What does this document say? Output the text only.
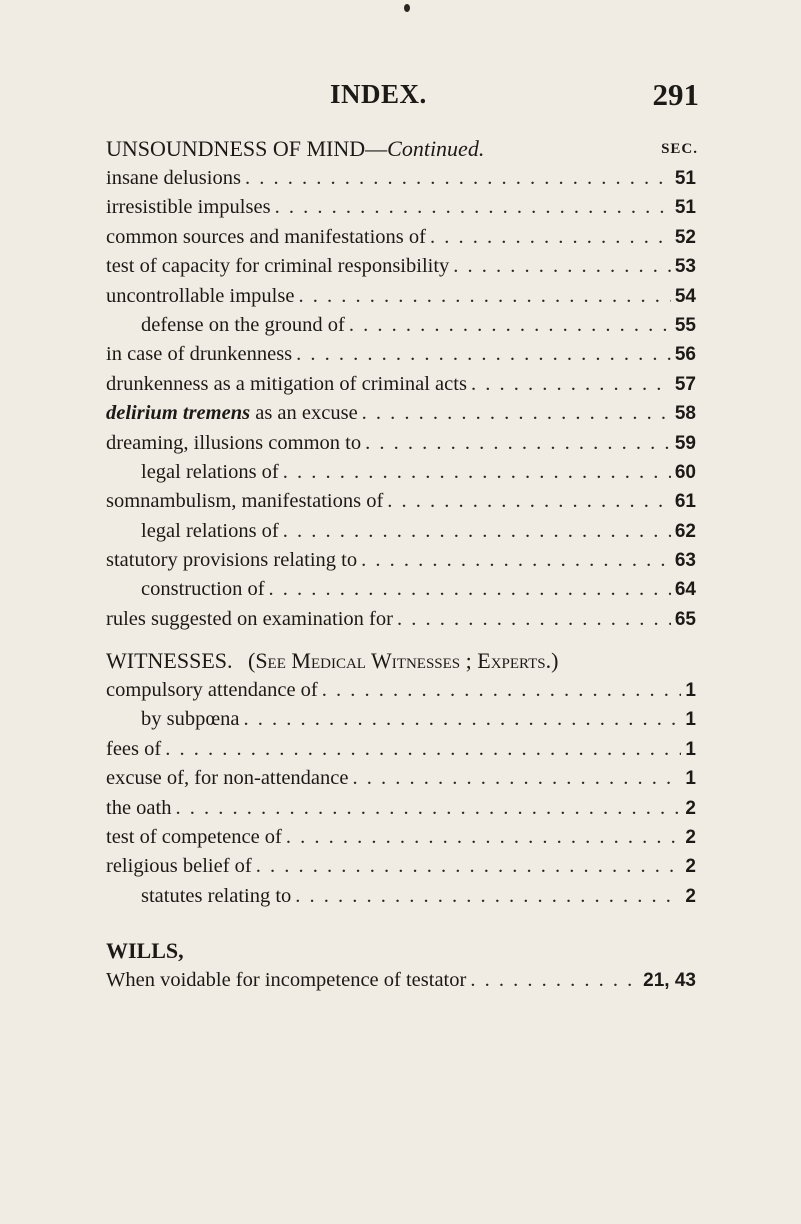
INDEX.	291
UNSOUNDNESS OF MIND—Continued.	SEC.
insane delusions . . .	51
irresistible impulses . . .	51
common sources and manifestations of . . .	52
test of capacity for criminal responsibility . . .	53
uncontrollable impulse . . .	54
defense on the ground of . . .	55
in case of drunkenness . . .	56
drunkenness as a mitigation of criminal acts . . .	57
delirium tremens as an excuse . . .	58
dreaming, illusions common to . . .	59
legal relations of . . .	60
somnambulism, manifestations of . . .	61
legal relations of . . .	62
statutory provisions relating to . . .	63
construction of . . .	64
rules suggested on examination for . . .	65
WITNESSES. (See Medical Witnesses ; Experts.)
compulsory attendance of . . .	1
by subpœna . . .	1
fees of . . .	1
excuse of, for non-attendance . . .	1
the oath . . .	2
test of competence of . . .	2
religious belief of . . .	2
statutes relating to . . .	2
WILLS,
When voidable for incompetence of testator . . .	21, 43
